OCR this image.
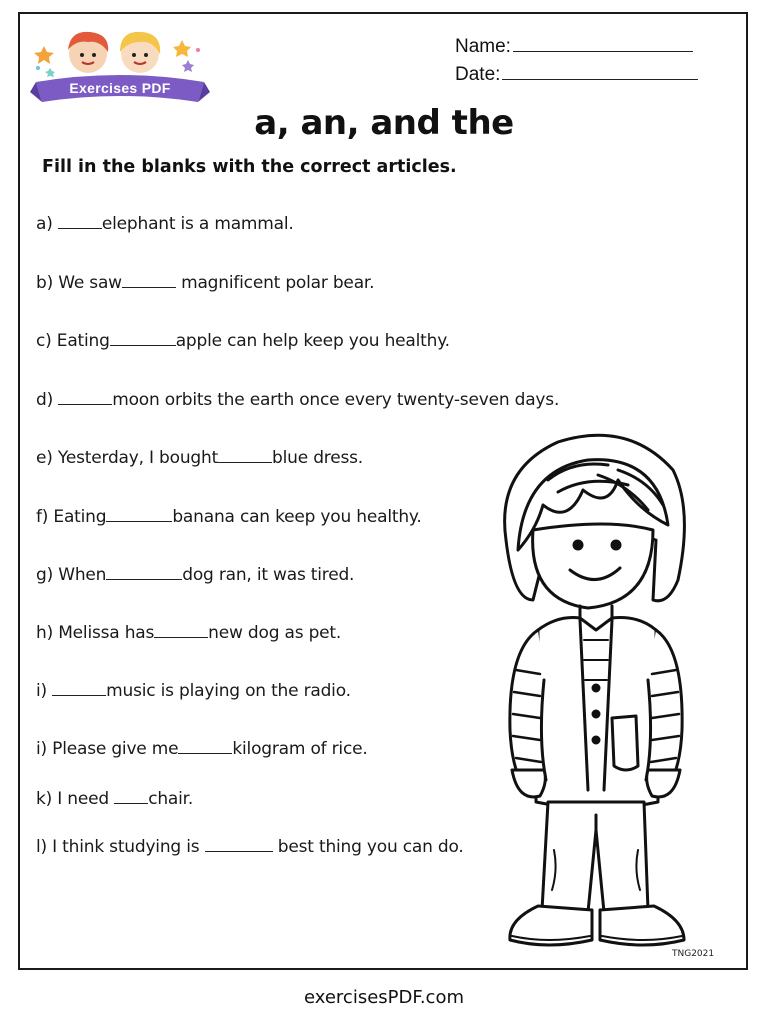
Exercises PDF
Name:
Date:
a, an, and the
Fill in the blanks with the correct articles.
a)	elephant is a mammal.
b) We saw	magnificent polar bear.
c) Eating	apple can help keep you healthy.
d)	moon orbits the earth once every twenty-seven days.
e) Yesterday, I bought	blue dress.
f) Eating	banana can keep you healthy.
g) When	dog ran, it was tired.
h) Melissa has	new dog as pet.
i)	music is playing on the radio.
i) Please give me	kilogram of rice.
k) I need chair.
l) I think studying is	best thing you can do.
TNG2021
exercisesPDF.com
